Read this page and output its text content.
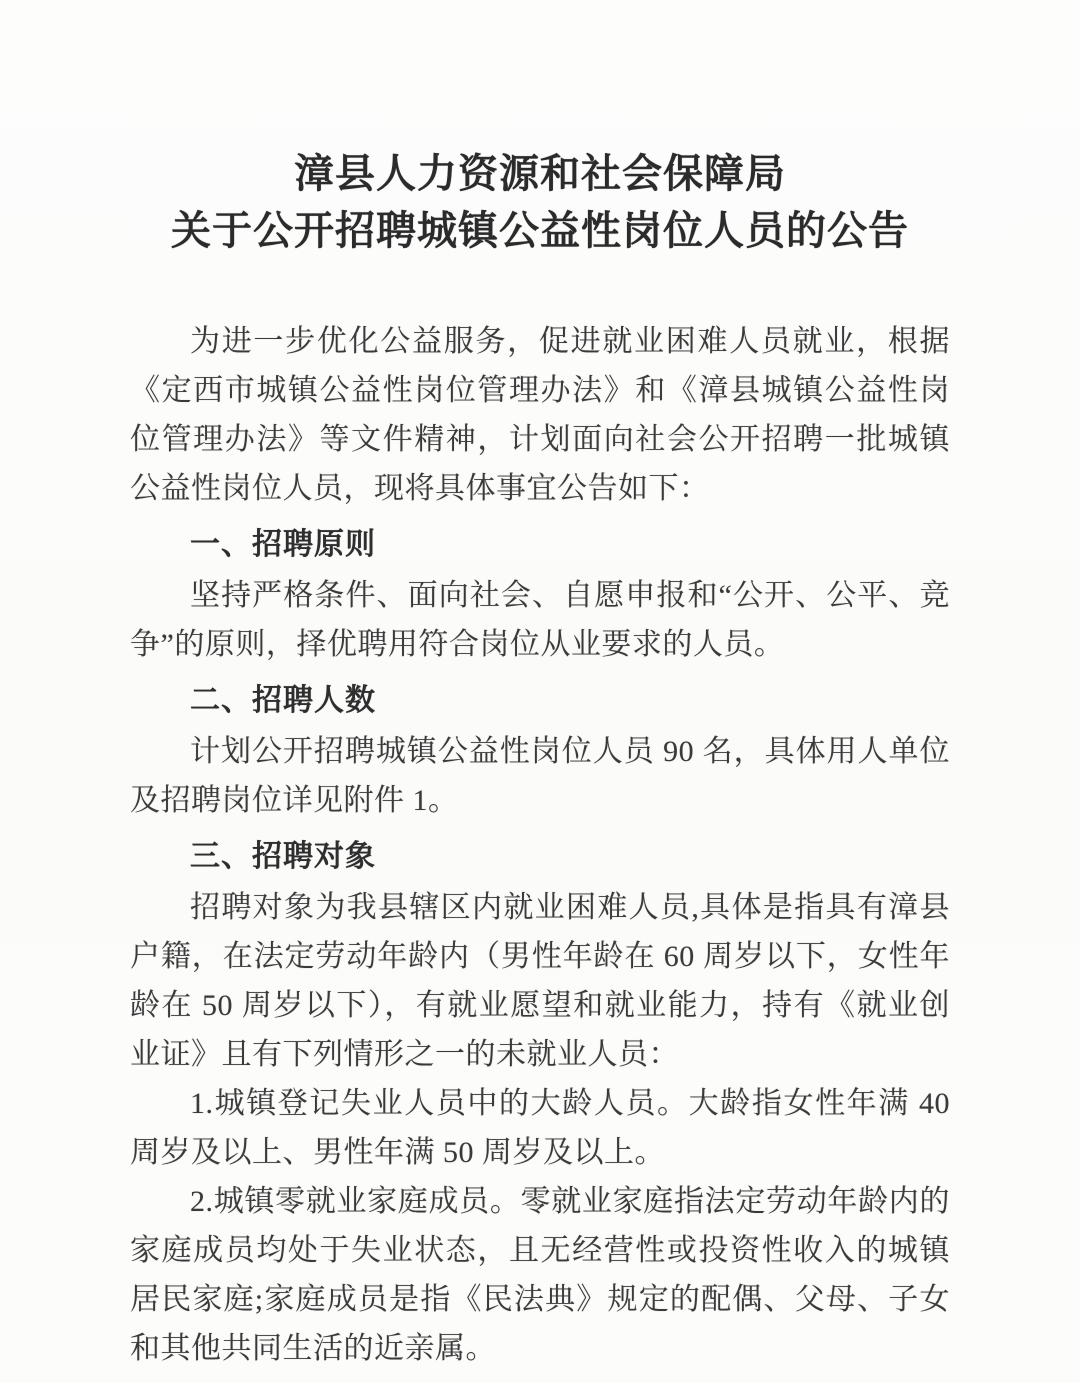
漳县人力资源和社会保障局
关于公开招聘城镇公益性岗位人员的公告

为进一步优化公益服务，促进就业困难人员就业，根据《定西市城镇公益性岗位管理办法》和《漳县城镇公益性岗位管理办法》等文件精神，计划面向社会公开招聘一批城镇公益性岗位人员，现将具体事宜公告如下：

一、招聘原则

坚持严格条件、面向社会、自愿申报和“公开、公平、竞争”的原则，择优聘用符合岗位从业要求的人员。

二、招聘人数

计划公开招聘城镇公益性岗位人员 90 名，具体用人单位及招聘岗位详见附件 1。

三、招聘对象

招聘对象为我县辖区内就业困难人员,具体是指具有漳县户籍，在法定劳动年龄内（男性年龄在 60 周岁以下，女性年龄在 50 周岁以下），有就业愿望和就业能力，持有《就业创业证》且有下列情形之一的未就业人员：

1.城镇登记失业人员中的大龄人员。大龄指女性年满 40 周岁及以上、男性年满 50 周岁及以上。

2.城镇零就业家庭成员。零就业家庭指法定劳动年龄内的家庭成员均处于失业状态，且无经营性或投资性收入的城镇居民家庭;家庭成员是指《民法典》规定的配偶、父母、子女和其他共同生活的近亲属。
